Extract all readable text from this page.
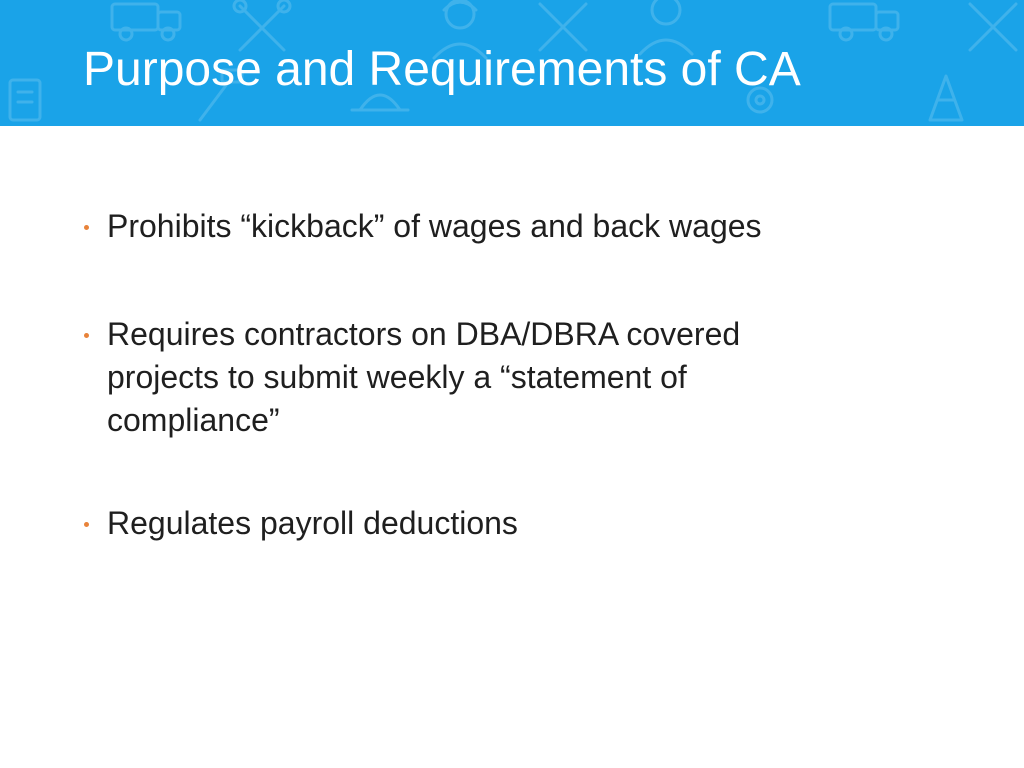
Purpose and Requirements of CA
Prohibits “kickback” of wages and back wages
Requires contractors on DBA/DBRA covered projects to submit weekly a “statement of compliance”
Regulates payroll deductions
